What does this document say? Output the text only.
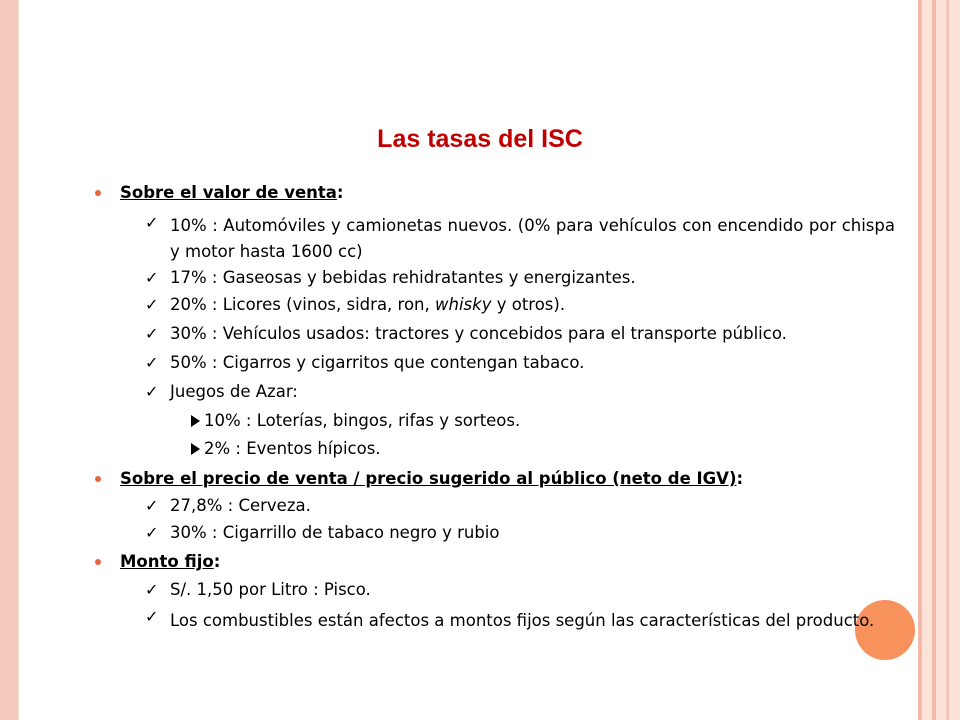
Las tasas del ISC
Sobre el valor de venta:
✓ 10% : Automóviles y camionetas nuevos. (0% para vehículos con encendido por chispa y motor hasta 1600 cc)
✓ 17% : Gaseosas y bebidas rehidratantes y energizantes.
✓ 20% : Licores (vinos, sidra, ron, whisky y otros).
✓ 30% : Vehículos usados: tractores y concebidos para el transporte público.
✓ 50% : Cigarros y cigarritos que contengan tabaco.
✓ Juegos de Azar:
10% : Loterías, bingos, rifas y sorteos.
2% : Eventos hípicos.
Sobre el precio de venta / precio sugerido al público (neto de IGV):
✓ 27,8% : Cerveza.
✓ 30% : Cigarrillo de tabaco negro y rubio
Monto fijo:
✓ S/. 1,50 por Litro : Pisco.
✓ Los combustibles están afectos a montos fijos según las características del producto.
